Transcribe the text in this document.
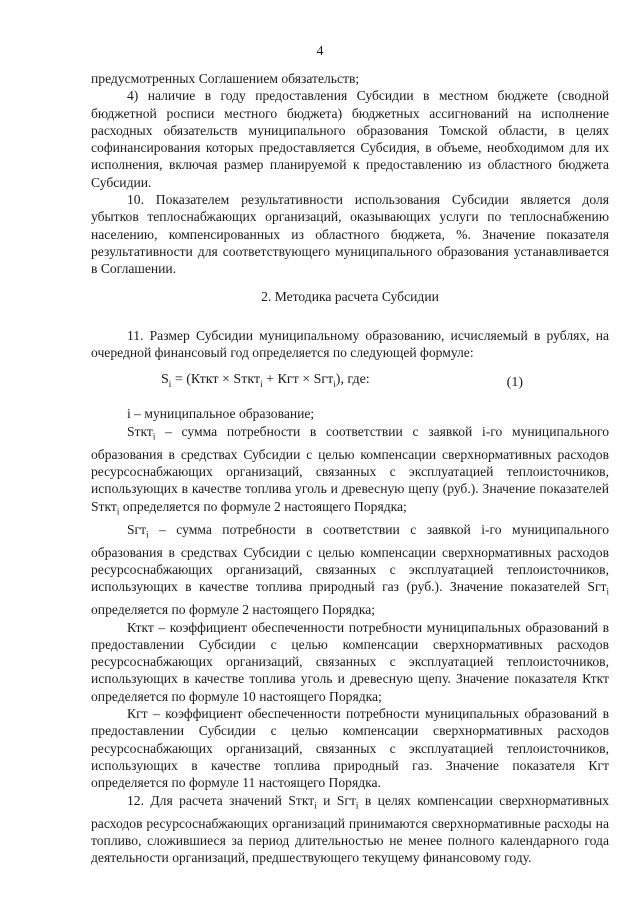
4

предусмотренных Соглашением обязательств;

4) наличие в году предоставления Субсидии в местном бюджете (сводной бюджетной росписи местного бюджета) бюджетных ассигнований на исполнение расходных обязательств муниципального образования Томской области, в целях софинансирования которых предоставляется Субсидия, в объеме, необходимом для их исполнения, включая размер планируемой к предоставлению из областного бюджета Субсидии.

10. Показателем результативности использования Субсидии является доля убытков теплоснабжающих организаций, оказывающих услуги по теплоснабжению населению, компенсированных из областного бюджета, %. Значение показателя результативности для соответствующего муниципального образования устанавливается в Соглашении.

2. Методика расчета Субсидии

11. Размер Субсидии муниципальному образованию, исчисляемый в рублях, на очередной финансовый год определяется по следующей формуле:

$S_i$ = (Кткт × Sткт$_i$ + Кгт × Sгт$_i$), где:	(1)

i – муниципальное образование;

Sткт$_i$ – сумма потребности в соответствии с заявкой i-го муниципального образования в средствах Субсидии с целью компенсации сверхнормативных расходов ресурсоснабжающих организаций, связанных с эксплуатацией теплоисточников, использующих в качестве топлива уголь и древесную щепу (руб.). Значение показателей Sткт$_i$ определяется по формуле 2 настоящего Порядка;

Sгт$_i$ – сумма потребности в соответствии с заявкой i-го муниципального образования в средствах Субсидии с целью компенсации сверхнормативных расходов ресурсоснабжающих организаций, связанных с эксплуатацией теплоисточников, использующих в качестве топлива природный газ (руб.). Значение показателей Sгт$_i$ определяется по формуле 2 настоящего Порядка;

Кткт – коэффициент обеспеченности потребности муниципальных образований в предоставлении Субсидии с целью компенсации сверхнормативных расходов ресурсоснабжающих организаций, связанных с эксплуатацией теплоисточников, использующих в качестве топлива уголь и древесную щепу. Значение показателя Кткт определяется по формуле 10 настоящего Порядка;

Кгт – коэффициент обеспеченности потребности муниципальных образований в предоставлении Субсидии с целью компенсации сверхнормативных расходов ресурсоснабжающих организаций, связанных с эксплуатацией теплоисточников, использующих в качестве топлива природный газ. Значение показателя Кгт определяется по формуле 11 настоящего Порядка.

12. Для расчета значений Sткт$_i$ и Sгт$_i$ в целях компенсации сверхнормативных расходов ресурсоснабжающих организаций принимаются сверхнормативные расходы на топливо, сложившиеся за период длительностью не менее полного календарного года деятельности организаций, предшествующего текущему финансовому году.
